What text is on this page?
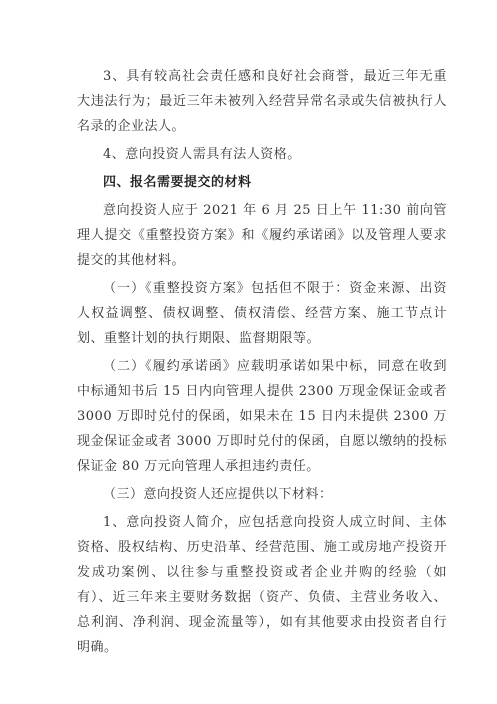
3、具有较高社会责任感和良好社会商誉，最近三年无重大违法行为；最近三年未被列入经营异常名录或失信被执行人名录的企业法人。

4、意向投资人需具有法人资格。

四、报名需要提交的材料

意向投资人应于 2021 年 6 月 25 日上午 11:30 前向管理人提交《重整投资方案》和《履约承诺函》以及管理人要求提交的其他材料。

（一）《重整投资方案》包括但不限于：资金来源、出资人权益调整、债权调整、债权清偿、经营方案、施工节点计划、重整计划的执行期限、监督期限等。

（二）《履约承诺函》应载明承诺如果中标，同意在收到中标通知书后 15 日内向管理人提供 2300 万现金保证金或者 3000 万即时兑付的保函，如果未在 15 日内未提供 2300 万现金保证金或者 3000 万即时兑付的保函，自愿以缴纳的投标保证金 80 万元向管理人承担违约责任。

（三）意向投资人还应提供以下材料：

1、意向投资人简介，应包括意向投资人成立时间、主体资格、股权结构、历史沿革、经营范围、施工或房地产投资开发成功案例、以往参与重整投资或者企业并购的经验（如有）、近三年来主要财务数据（资产、负债、主营业务收入、总利润、净利润、现金流量等），如有其他要求由投资者自行明确。
